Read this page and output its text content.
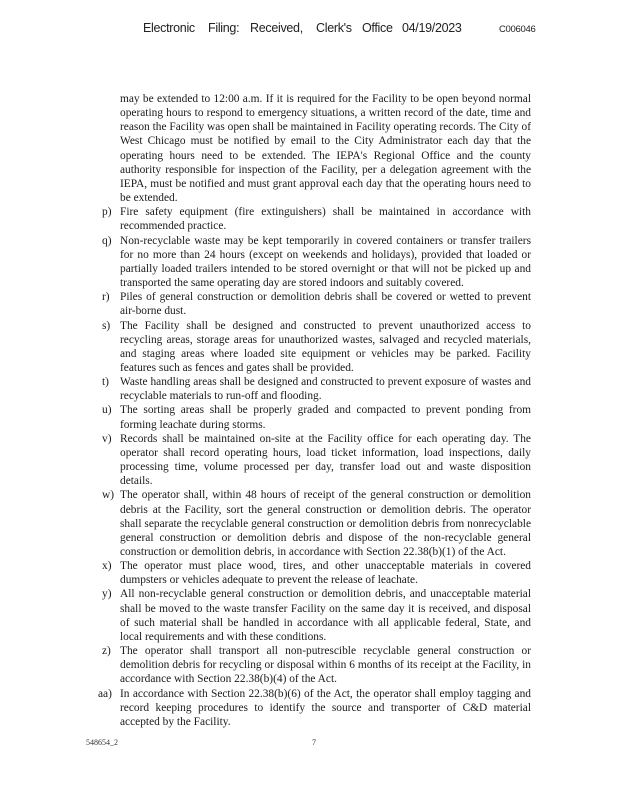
Electronic Filing: Received, Clerk's Office 04/19/2023	C006046

may be extended to 12:00 a.m. If it is required for the Facility to be open beyond normal operating hours to respond to emergency situations, a written record of the date, time and reason the Facility was open shall be maintained in Facility operating records. The City of West Chicago must be notified by email to the City Administrator each day that the operating hours need to be extended. The IEPA's Regional Office and the county authority responsible for inspection of the Facility, per a delegation agreement with the IEPA, must be notified and must grant approval each day that the operating hours need to be extended.

p) Fire safety equipment (fire extinguishers) shall be maintained in accordance with recommended practice.
q) Non-recyclable waste may be kept temporarily in covered containers or transfer trailers for no more than 24 hours (except on weekends and holidays), provided that loaded or partially loaded trailers intended to be stored overnight or that will not be picked up and transported the same operating day are stored indoors and suitably covered.
r) Piles of general construction or demolition debris shall be covered or wetted to prevent air-borne dust.
s) The Facility shall be designed and constructed to prevent unauthorized access to recycling areas, storage areas for unauthorized wastes, salvaged and recycled materials, and staging areas where loaded site equipment or vehicles may be parked. Facility features such as fences and gates shall be provided.
t) Waste handling areas shall be designed and constructed to prevent exposure of wastes and recyclable materials to run-off and flooding.
u) The sorting areas shall be properly graded and compacted to prevent ponding from forming leachate during storms.
v) Records shall be maintained on-site at the Facility office for each operating day. The operator shall record operating hours, load ticket information, load inspections, daily processing time, volume processed per day, transfer load out and waste disposition details.
w) The operator shall, within 48 hours of receipt of the general construction or demolition debris at the Facility, sort the general construction or demolition debris. The operator shall separate the recyclable general construction or demolition debris from nonrecyclable general construction or demolition debris and dispose of the non-recyclable general construction or demolition debris, in accordance with Section 22.38(b)(1) of the Act.
x) The operator must place wood, tires, and other unacceptable materials in covered dumpsters or vehicles adequate to prevent the release of leachate.
y) All non-recyclable general construction or demolition debris, and unacceptable material shall be moved to the waste transfer Facility on the same day it is received, and disposal of such material shall be handled in accordance with all applicable federal, State, and local requirements and with these conditions.
z) The operator shall transport all non-putrescible recyclable general construction or demolition debris for recycling or disposal within 6 months of its receipt at the Facility, in accordance with Section 22.38(b)(4) of the Act.
aa) In accordance with Section 22.38(b)(6) of the Act, the operator shall employ tagging and record keeping procedures to identify the source and transporter of C&D material accepted by the Facility.
548654_2	7
